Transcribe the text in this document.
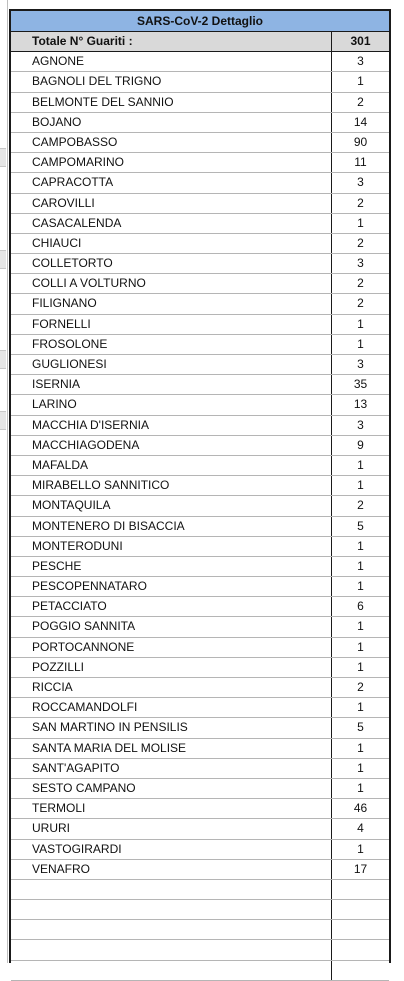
SARS-CoV-2 Dettaglio
Totale N° Guariti :	301
AGNONE	3
BAGNOLI DEL TRIGNO	1
BELMONTE DEL SANNIO	2
BOJANO	14
CAMPOBASSO	90
CAMPOMARINO	11
CAPRACOTTA	3
CAROVILLI	2
CASACALENDA	1
CHIAUCI	2
COLLETORTO	3
COLLI A VOLTURNO	2
FILIGNANO	2
FORNELLI	1
FROSOLONE	1
GUGLIONESI	3
ISERNIA	35
LARINO	13
MACCHIA D'ISERNIA	3
MACCHIAGODENA	9
MAFALDA	1
MIRABELLO SANNITICO	1
MONTAQUILA	2
MONTENERO DI BISACCIA	5
MONTERODUNI	1
PESCHE	1
PESCOPENNATARO	1
PETACCIATO	6
POGGIO SANNITA	1
PORTOCANNONE	1
POZZILLI	1
RICCIA	2
ROCCAMANDOLFI	1
SAN MARTINO IN PENSILIS	5
SANTA MARIA DEL MOLISE	1
SANT'AGAPITO	1
SESTO CAMPANO	1
TERMOLI	46
URURI	4
VASTOGIRARDI	1
VENAFRO	17
